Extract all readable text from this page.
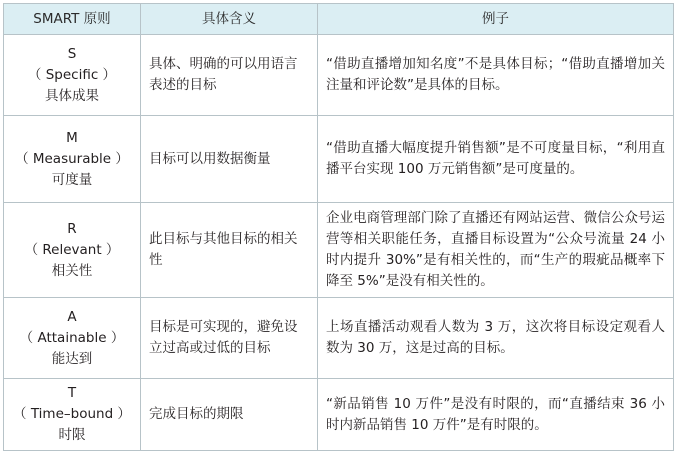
SMART 原则	具体含义	例子

S
（ Specific ）
具体成果	具体、明确的可以用语言表述的目标	“借助直播增加知名度”不是具体目标；“借助直播增加关注量和评论数”是具体的目标。

M
（ Measurable ）
可度量	目标可以用数据衡量	“借助直播大幅度提升销售额”是不可度量目标，“利用直播平台实现 100 万元销售额”是可度量的。

R
（ Relevant ）
相关性	此目标与其他目标的相关性	企业电商管理部门除了直播还有网站运营、微信公众号运营等相关职能任务，直播目标设置为“公众号流量 24 小时内提升 30%”是有相关性的，而“生产的瑕疵品概率下降至 5%”是没有相关性的。

A
（ Attainable ）
能达到	目标是可实现的，避免设立过高或过低的目标	上场直播活动观看人数为 3 万，这次将目标设定观看人数为 30 万，这是过高的目标。

T
（ Time–bound ）
时限	完成目标的期限	“新品销售 10 万件”是没有时限的，而“直播结束 36 小时内新品销售 10 万件”是有时限的。
